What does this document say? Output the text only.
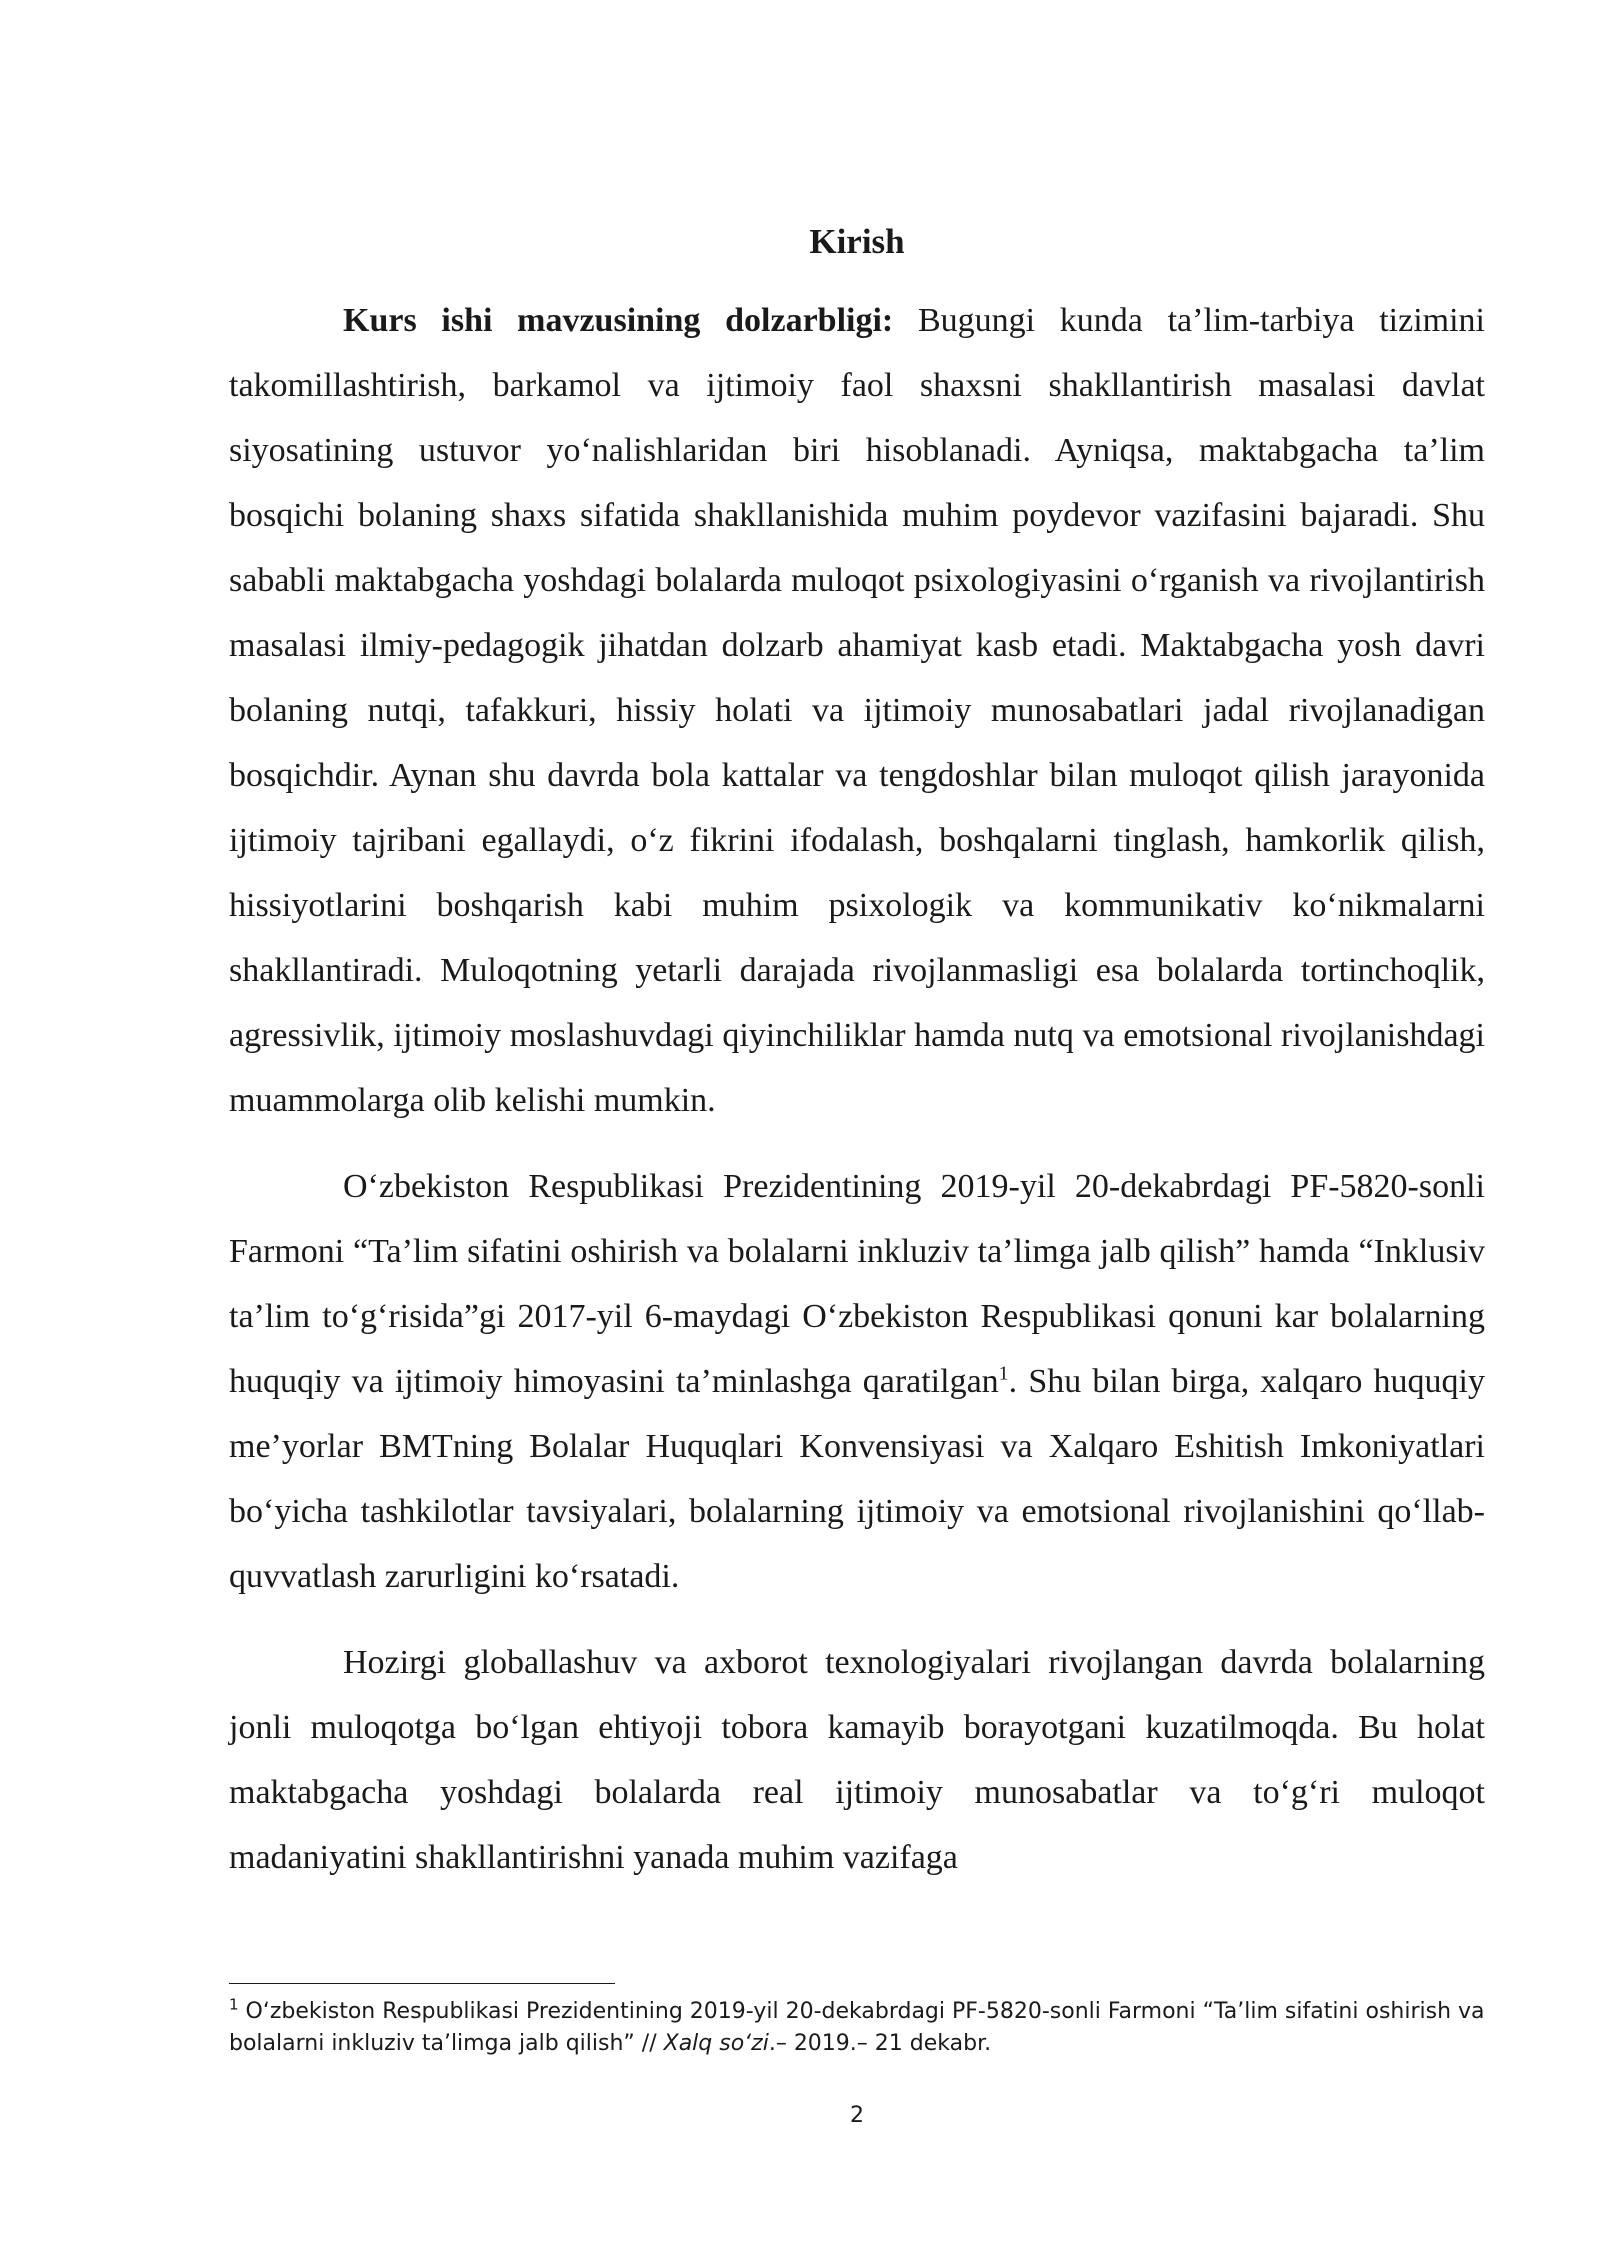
Kirish

Kurs ishi mavzusining dolzarbligi: Bugungi kunda ta’lim-tarbiya tizimini takomillashtirish, barkamol va ijtimoiy faol shaxsni shakllantirish masalasi davlat siyosatining ustuvor yo‘nalishlaridan biri hisoblanadi. Ayniqsa, maktabgacha ta’lim bosqichi bolaning shaxs sifatida shakllanishida muhim poydevor vazifasini bajaradi. Shu sababli maktabgacha yoshdagi bolalarda muloqot psixologiyasini o‘rganish va rivojlantirish masalasi ilmiy-pedagogik jihatdan dolzarb ahamiyat kasb etadi. Maktabgacha yosh davri bolaning nutqi, tafakkuri, hissiy holati va ijtimoiy munosabatlari jadal rivojlanadigan bosqichdir. Aynan shu davrda bola kattalar va tengdoshlar bilan muloqot qilish jarayonida ijtimoiy tajribani egallaydi, o‘z fikrini ifodalash, boshqalarni tinglash, hamkorlik qilish, hissiyotlarini boshqarish kabi muhim psixologik va kommunikativ ko‘nikmalarni shakllantiradi. Muloqotning yetarli darajada rivojlanmasligi esa bolalarda tortinchoqlik, agressivlik, ijtimoiy moslashuvdagi qiyinchiliklar hamda nutq va emotsional rivojlanishdagi muammolarga olib kelishi mumkin.

O‘zbekiston Respublikasi Prezidentining 2019-yil 20-dekabrdagi PF-5820-sonli Farmoni “Ta’lim sifatini oshirish va bolalarni inkluziv ta’limga jalb qilish” hamda “Inklusiv ta’lim to‘g‘risida”gi 2017-yil 6-maydagi O‘zbekiston Respublikasi qonuni kar bolalarning huquqiy va ijtimoiy himoyasini ta’minlashga qaratilgan$^1$. Shu bilan birga, xalqaro huquqiy me’yorlar BMTning Bolalar Huquqlari Konvensiyasi va Xalqaro Eshitish Imkoniyatlari bo‘yicha tashkilotlar tavsiyalari, bolalarning ijtimoiy va emotsional rivojlanishini qo‘llab-quvvatlash zarurligini ko‘rsatadi.

Hozirgi globallashuv va axborot texnologiyalari rivojlangan davrda bolalarning jonli muloqotga bo‘lgan ehtiyoji tobora kamayib borayotgani kuzatilmoqda. Bu holat maktabgacha yoshdagi bolalarda real ijtimoiy munosabatlar va to‘g‘ri muloqot madaniyatini shakllantirishni yanada muhim vazifaga

$^1$ O‘zbekiston Respublikasi Prezidentining 2019-yil 20-dekabrdagi PF-5820-sonli Farmoni “Ta’lim sifatini oshirish va bolalarni inkluziv ta’limga jalb qilish” // Xalq so‘zi.– 2019.– 21 dekabr.

2
